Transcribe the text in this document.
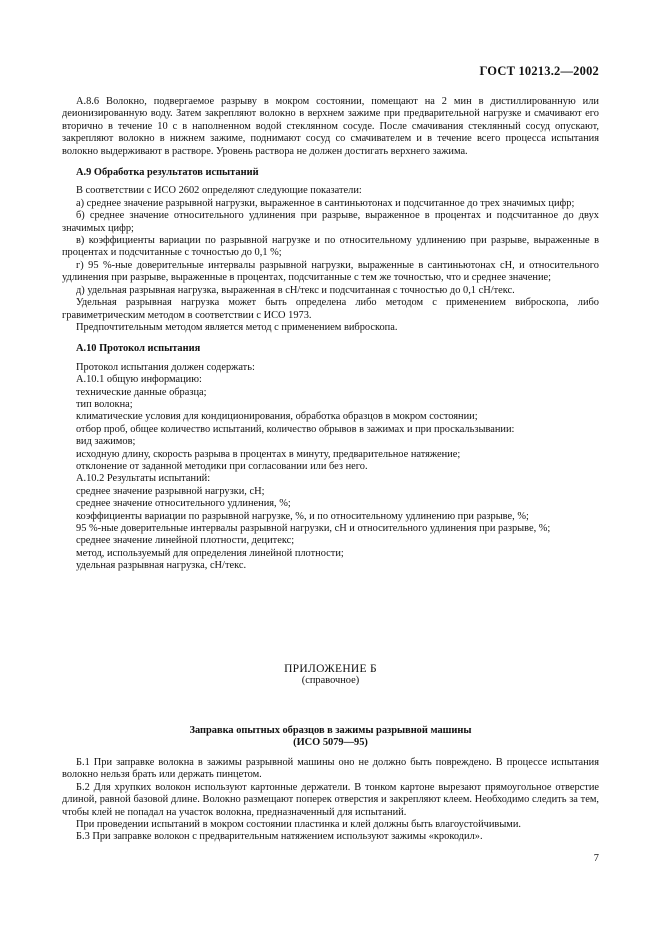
ГОСТ 10213.2—2002

А.8.6 Волокно, подвергаемое разрыву в мокром состоянии, помещают на 2 мин в дистиллированную или деионизированную воду. Затем закрепляют волокно в верхнем зажиме при предварительной нагрузке и смачивают его вторично в течение 10 с в наполненном водой стеклянном сосуде. После смачивания стеклянный сосуд опускают, закрепляют волокно в нижнем зажиме, поднимают сосуд со смачивателем и в течение всего процесса испытания волокно выдерживают в растворе. Уровень раствора не должен достигать верхнего зажима.

А.9 Обработка результатов испытаний

В соответствии с ИСО 2602 определяют следующие показатели:

а) среднее значение разрывной нагрузки, выраженное в сантиньютонах и подсчитанное до трех значимых цифр;

б) среднее значение относительного удлинения при разрыве, выраженное в процентах и подсчитанное до двух значимых цифр;

в) коэффициенты вариации по разрывной нагрузке и по относительному удлинению при разрыве, выраженные в процентах и подсчитанные с точностью до 0,1 %;

г) 95 %-ные доверительные интервалы разрывной нагрузки, выраженные в сантиньютонах сН, и относительного удлинения при разрыве, выраженные в процентах, подсчитанные с тем же точностью, что и среднее значение;

д) удельная разрывная нагрузка, выраженная в сН/текс и подсчитанная с точностью до 0,1 сН/текс.

Удельная разрывная нагрузка может быть определена либо методом с применением виброскопа, либо гравиметрическим методом в соответствии с ИСО 1973.

Предпочтительным методом является метод с применением виброскопа.

А.10 Протокол испытания

Протокол испытания должен содержать:

А.10.1 общую информацию:

технические данные образца;

тип волокна;

климатические условия для кондиционирования, обработка образцов в мокром состоянии;

отбор проб, общее количество испытаний, количество обрывов в зажимах и при проскальзывании:

вид зажимов;

исходную длину, скорость разрыва в процентах в минуту, предварительное натяжение;

отклонение от заданной методики при согласовании или без него.

А.10.2 Результаты испытаний:

среднее значение разрывной нагрузки, сН;

среднее значение относительного удлинения, %;

коэффициенты вариации по разрывной нагрузке, %, и по относительному удлинению при разрыве, %;

95 %-ные доверительные интервалы разрывной нагрузки, сН и относительного удлинения при разрыве, %;

среднее значение линейной плотности, децитекс;

метод, используемый для определения линейной плотности;

удельная разрывная нагрузка, сН/текс.

ПРИЛОЖЕНИЕ Б
(справочное)
Заправка опытных образцов в зажимы разрывной машины
(ИСО 5079—95)

Б.1 При заправке волокна в зажимы разрывной машины оно не должно быть повреждено. В процессе испытания волокно нельзя брать или держать пинцетом.

Б.2 Для хрупких волокон используют картонные держатели. В тонком картоне вырезают прямоугольное отверстие длиной, равной базовой длине. Волокно размещают поперек отверстия и закрепляют клеем. Необходимо следить за тем, чтобы клей не попадал на участок волокна, предназначенный для испытаний.

При проведении испытаний в мокром состоянии пластинка и клей должны быть влагоустойчивыми.

Б.3 При заправке волокон с предварительным натяжением используют зажимы «крокодил».

7
